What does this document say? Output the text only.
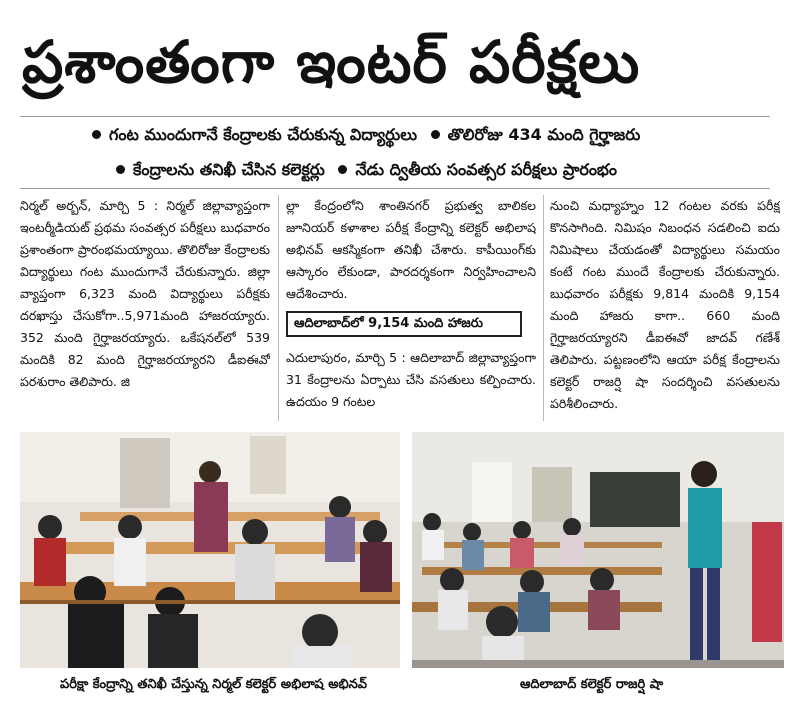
ప్రశాంతంగా ఇంటర్ పరీక్షలు
గంట ముందుగానే కేంద్రాలకు చేరుకున్న విద్యార్థులు తొలిరోజు 434 మంది గైర్హాజరు
కేంద్రాలను తనిఖీ చేసిన కలెక్టర్లు నేడు ద్వితీయ సంవత్సర పరీక్షలు ప్రారంభం

నిర్మల్ అర్బన్, మార్చి 5 : నిర్మల్ జిల్లావ్యాప్తంగా ఇంటర్మీడియట్ ప్రథమ సంవత్సర పరీక్షలు బుధవారం ప్రశాంతంగా ప్రారంభమయ్యాయి. తొలిరోజు కేంద్రాలకు విద్యార్థులు గంట ముందుగానే చేరుకున్నారు. జిల్లా వ్యాప్తంగా 6,323 మంది విద్యార్థులు పరీక్షకు దరఖాస్తు చేసుకోగా..5,971మంది హాజరయ్యారు. 352 మంది గైర్హాజరయ్యారు. ఒకేషనల్‌లో 539 మందికి 82 మంది గైర్హాజరయ్యారని డీఐఈవో పరశురాం తెలిపారు. జి

ల్లా కేంద్రంలోని శాంతినగర్ ప్రభుత్వ బాలికల జూనియర్ కళాశాల పరీక్ష కేంద్రాన్ని కలెక్టర్ అభిలాష అభినవ్ ఆకస్మికంగా తనిఖీ చేశారు. కాపీయింగ్‌కు ఆస్కారం లేకుండా, పారదర్శకంగా నిర్వహించాలని ఆదేశించారు.

ఆదిలాబాద్‌లో 9,154 మంది హాజరు

ఎదులాపురం, మార్చి 5 : ఆదిలాబాద్ జిల్లావ్యాప్తంగా 31 కేంద్రాలను ఏర్పాటు చేసి వసతులు కల్పించారు. ఉదయం 9 గంటల

నుంచి మధ్యాహ్నం 12 గంటల వరకు పరీక్ష కొనసాగింది. నిమిషం నిబంధన సడలించి ఐదు నిమిషాలు చేయడంతో విద్యార్థులు సమయం కంటే గంట ముందే కేంద్రాలకు చేరుకున్నారు. బుధవారం పరీక్షకు 9,814 మందికి 9,154 మంది హాజరు కాగా.. 660 మంది గైర్హాజరయ్యారని డీఐఈవో జాదవ్ గణేశ్ తెలిపారు. పట్టణంలోని ఆయా పరీక్ష కేంద్రాలను కలెక్టర్ రాజర్షి షా సందర్శించి వసతులను పరిశీలించారు.

పరీక్షా కేంద్రాన్ని తనిఖీ చేస్తున్న నిర్మల్ కలెక్టర్ అభిలాష అభినవ్	ఆదిలాబాద్ కలెక్టర్ రాజర్షి షా
